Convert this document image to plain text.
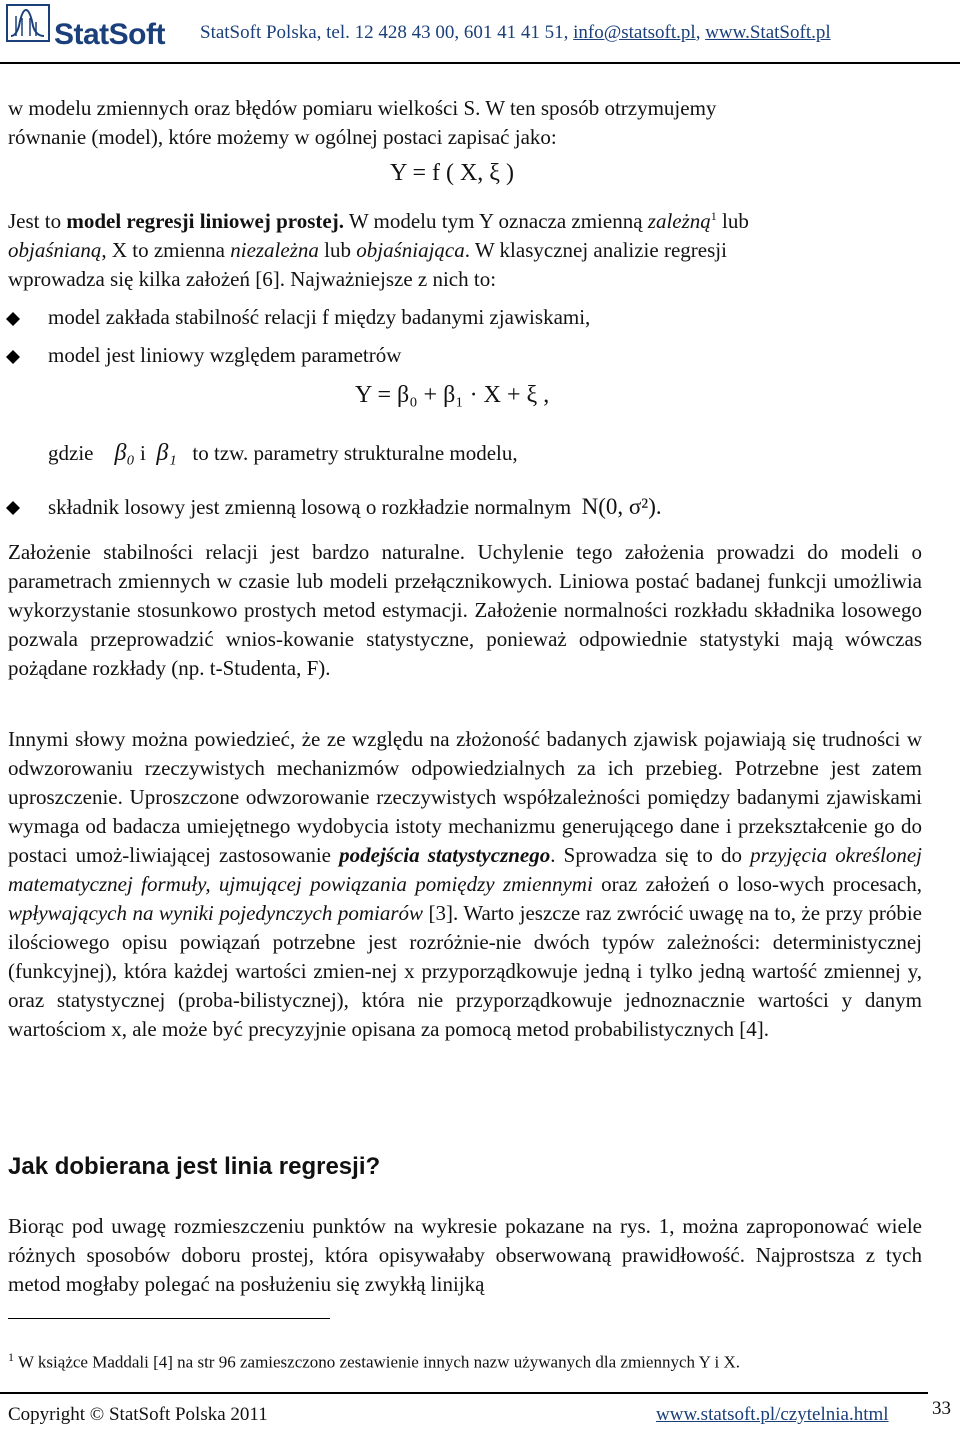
StatSoft StatSoft Polska, tel. 12 428 43 00, 601 41 41 51, info@statsoft.pl, www.StatSoft.pl
w modelu zmiennych oraz błędów pomiaru wielkości S. W ten sposób otrzymujemy
równanie (model), które możemy w ogólnej postaci zapisać jako:
Y = f ( X, ξ )
Jest to model regresji liniowej prostej. W modelu tym Y oznacza zmienną zależną$^1$ lub
objaśnianą, X to zmienna niezależna lub objaśniająca. W klasycznej analizie regresji
wprowadza się kilka założeń [6]. Najważniejsze z nich to:
model zakłada stabilność relacji f między badanymi zjawiskami,
model jest liniowy względem parametrów
Y = β₀ + β₁ · X + ξ ,
gdzie β₀ i β₁ to tzw. parametry strukturalne modelu,
składnik losowy jest zmienną losową o rozkładzie normalnym N(0, σ²).
Założenie stabilności relacji jest bardzo naturalne. Uchylenie tego założenia prowadzi do modeli o parametrach zmiennych w czasie lub modeli przełącznikowych. Liniowa postać badanej funkcji umożliwia wykorzystanie stosunkowo prostych metod estymacji. Założenie normalności rozkładu składnika losowego pozwala przeprowadzić wnios-kowanie statystyczne, ponieważ odpowiednie statystyki mają wówczas pożądane rozkłady (np. t-Studenta, F).
Innymi słowy można powiedzieć, że ze względu na złożoność badanych zjawisk pojawiają się trudności w odwzorowaniu rzeczywistych mechanizmów odpowiedzialnych za ich przebieg. Potrzebne jest zatem uproszczenie. Uproszczone odwzorowanie rzeczywistych współzależności pomiędzy badanymi zjawiskami wymaga od badacza umiejętnego wydobycia istoty mechanizmu generującego dane i przekształcenie go do postaci umoż-liwiającej zastosowanie podejścia statystycznego. Sprowadza się to do przyjęcia określonej matematycznej formuły, ujmującej powiązania pomiędzy zmiennymi oraz założeń o loso-wych procesach, wpływających na wyniki pojedynczych pomiarów [3]. Warto jeszcze raz zwrócić uwagę na to, że przy próbie ilościowego opisu powiązań potrzebne jest rozróżnie-nie dwóch typów zależności: deterministycznej (funkcyjnej), która każdej wartości zmien-nej x przyporządkowuje jedną i tylko jedną wartość zmiennej y, oraz statystycznej (proba-bilistycznej), która nie przyporządkowuje jednoznacznie wartości y danym wartościom x, ale może być precyzyjnie opisana za pomocą metod probabilistycznych [4].
Jak dobierana jest linia regresji?
Biorąc pod uwagę rozmieszczeniu punktów na wykresie pokazane na rys. 1, można zaproponować wiele różnych sposobów doboru prostej, która opisywałaby obserwowaną prawidłowość. Najprostsza z tych metod mogłaby polegać na posłużeniu się zwykłą linijką
$^1$ W książce Maddali [4] na str 96 zamieszczono zestawienie innych nazw używanych dla zmiennych Y i X.
Copyright © StatSoft Polska 2011	www.statsoft.pl/czytelnia.html 33
